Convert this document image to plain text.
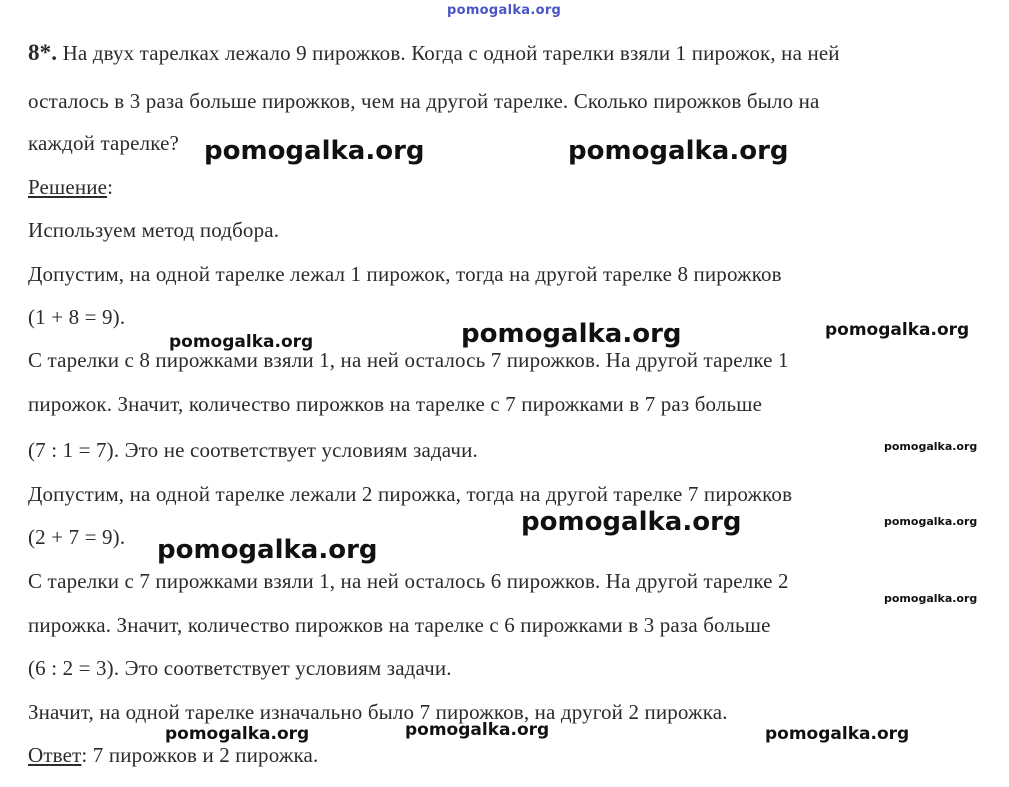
pomogalka.org
8*. На двух тарелках лежало 9 пирожков. Когда с одной тарелки взяли 1 пирожок, на ней
осталось в 3 раза больше пирожков, чем на другой тарелке. Сколько пирожков было на
каждой тарелке?
Решение:
Используем метод подбора.
Допустим, на одной тарелке лежал 1 пирожок, тогда на другой тарелке 8 пирожков
(1 + 8 = 9).
С тарелки с 8 пирожками взяли 1, на ней осталось 7 пирожков. На другой тарелке 1
пирожок. Значит, количество пирожков на тарелке с 7 пирожками в 7 раз больше
(7 : 1 = 7). Это не соответствует условиям задачи.
Допустим, на одной тарелке лежали 2 пирожка, тогда на другой тарелке 7 пирожков
(2 + 7 = 9).
С тарелки с 7 пирожками взяли 1, на ней осталось 6 пирожков. На другой тарелке 2
пирожка. Значит, количество пирожков на тарелке с 6 пирожками в 3 раза больше
(6 : 2 = 3). Это соответствует условиям задачи.
Значит, на одной тарелке изначально было 7 пирожков, на другой 2 пирожка.
Ответ: 7 пирожков и 2 пирожка.
pomogalka.org	pomogalka.org
pomogalka.org	pomogalka.org	pomogalka.org
pomogalka.org
pomogalka.org	pomogalka.org
pomogalka.org
pomogalka.org
pomogalka.org	pomogalka.org	pomogalka.org
